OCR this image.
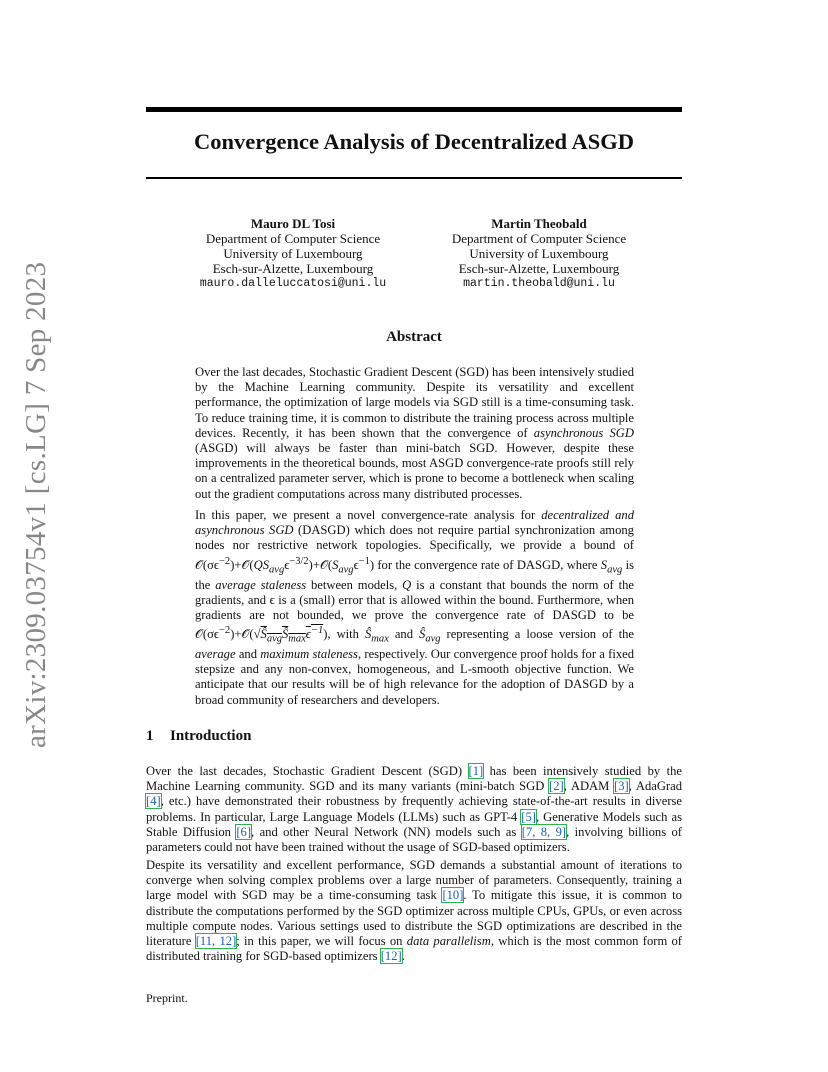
arXiv:2309.03754v1 [cs.LG] 7 Sep 2023
Convergence Analysis of Decentralized ASGD
Mauro DL Tosi
Department of Computer Science
University of Luxembourg
Esch-sur-Alzette, Luxembourg
mauro.dalleluccatosi@uni.lu
Martin Theobald
Department of Computer Science
University of Luxembourg
Esch-sur-Alzette, Luxembourg
martin.theobald@uni.lu
Abstract
Over the last decades, Stochastic Gradient Descent (SGD) has been intensively studied by the Machine Learning community. Despite its versatility and excellent performance, the optimization of large models via SGD still is a time-consuming task. To reduce training time, it is common to distribute the training process across multiple devices. Recently, it has been shown that the convergence of asynchronous SGD (ASGD) will always be faster than mini-batch SGD. However, despite these improvements in the theoretical bounds, most ASGD convergence-rate proofs still rely on a centralized parameter server, which is prone to become a bottleneck when scaling out the gradient computations across many distributed processes.
In this paper, we present a novel convergence-rate analysis for decentralized and asynchronous SGD (DASGD) which does not require partial synchronization among nodes nor restrictive network topologies. Specifically, we provide a bound of $𝒪(\sigma\epsilon^{-2})+𝒪(QS_{avg}\epsilon^{-3/2})+𝒪(S_{avg}\epsilon^{-1})$ for the convergence rate of DASGD, where $S_{avg}$ is the average staleness between models, Q is a constant that bounds the norm of the gradients, and ϵ is a (small) error that is allowed within the bound. Furthermore, when gradients are not bounded, we prove the convergence rate of DASGD to be $𝒪(\sigma\epsilon^{-2})+𝒪(√Ŝ_{avg}Ŝ_{max}\epsilon^{-1})$, with $Ŝ_{max}$ and $Ŝ_{avg}$ representing a loose version of the average and maximum staleness, respectively. Our convergence proof holds for a fixed stepsize and any non-convex, homogeneous, and L-smooth objective function. We anticipate that our results will be of high relevance for the adoption of DASGD by a broad community of researchers and developers.
1 Introduction
Over the last decades, Stochastic Gradient Descent (SGD) [1] has been intensively studied by the Machine Learning community. SGD and its many variants (mini-batch SGD [2], ADAM [3], AdaGrad [4], etc.) have demonstrated their robustness by frequently achieving state-of-the-art results in diverse problems. In particular, Large Language Models (LLMs) such as GPT-4 [5], Generative Models such as Stable Diffusion [6], and other Neural Network (NN) models such as [7, 8, 9], involving billions of parameters could not have been trained without the usage of SGD-based optimizers.
Despite its versatility and excellent performance, SGD demands a substantial amount of iterations to converge when solving complex problems over a large number of parameters. Consequently, training a large model with SGD may be a time-consuming task [10]. To mitigate this issue, it is common to distribute the computations performed by the SGD optimizer across multiple CPUs, GPUs, or even across multiple compute nodes. Various settings used to distribute the SGD optimizations are described in the literature [11, 12]; in this paper, we will focus on data parallelism, which is the most common form of distributed training for SGD-based optimizers [12].
Preprint.
